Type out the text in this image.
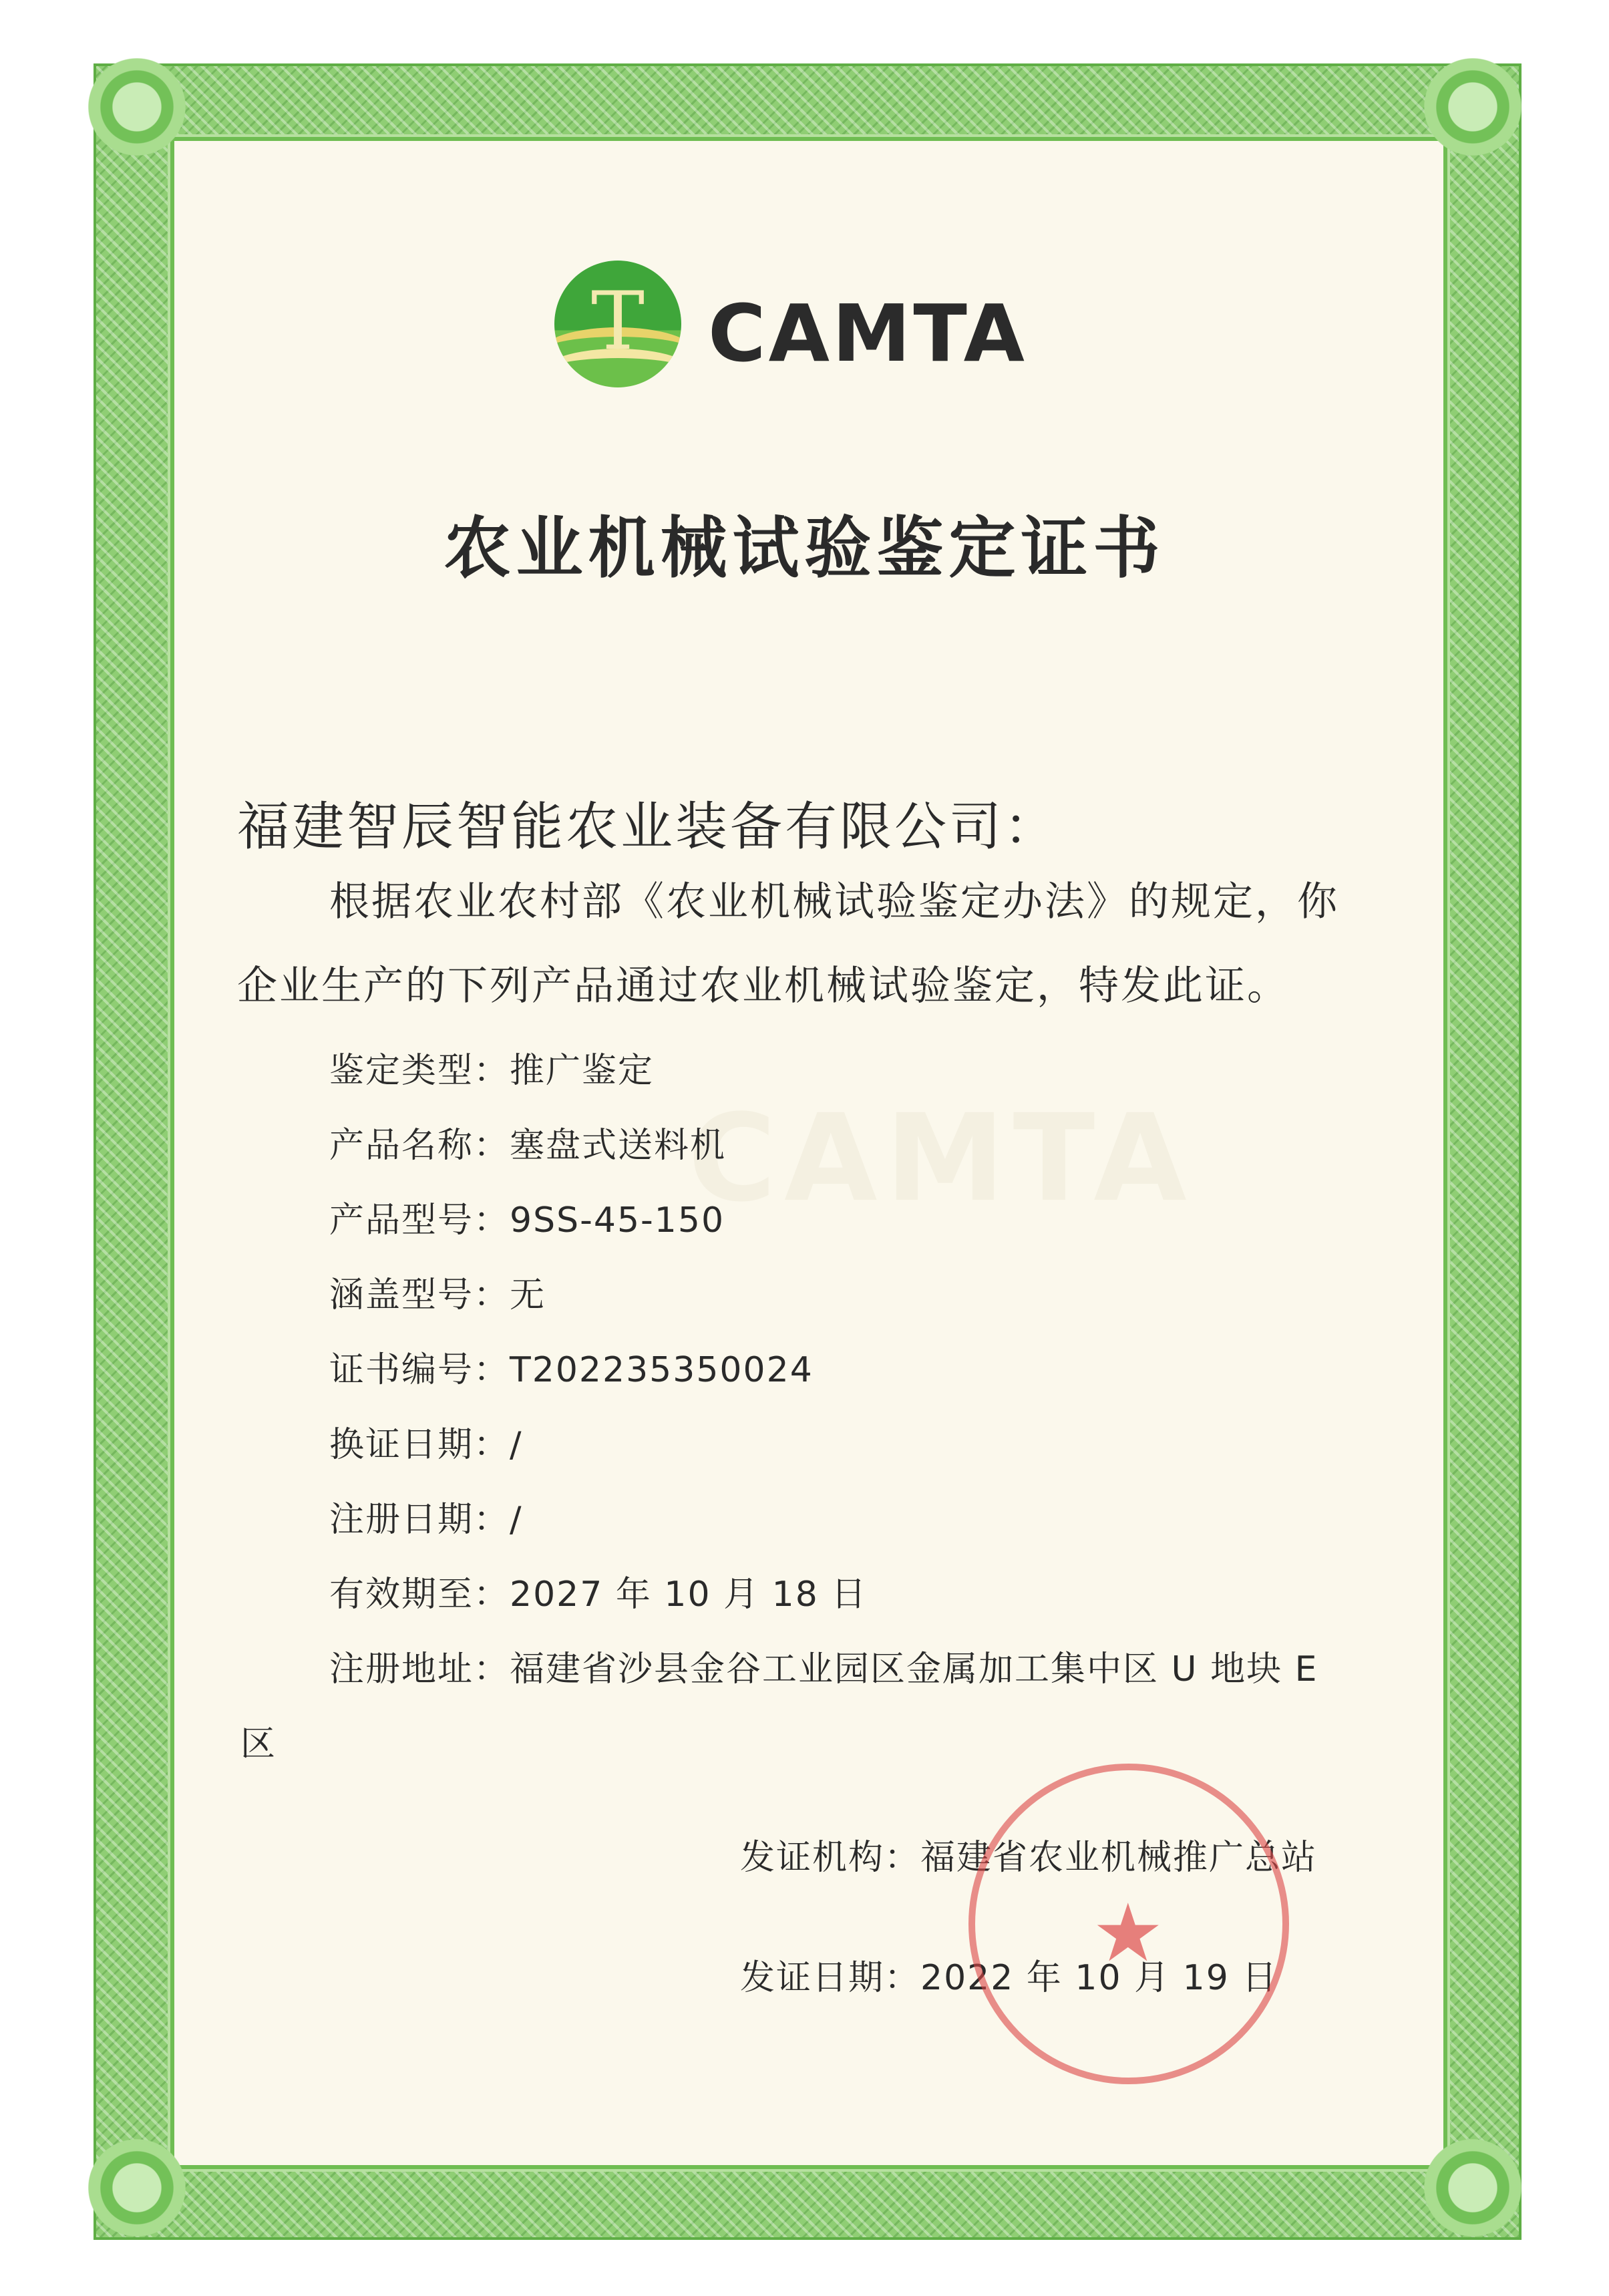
CAMTA
T CAMTA
农业机械试验鉴定证书
福建智辰智能农业装备有限公司：
根据农业农村部《农业机械试验鉴定办法》的规定，你
企业生产的下列产品通过农业机械试验鉴定，特发此证。
鉴定类型：推广鉴定
产品名称：塞盘式送料机
产品型号：9SS-45-150
涵盖型号：无
证书编号：T202235350024
换证日期：/
注册日期：/
有效期至：2027 年 10 月 18 日
注册地址：福建省沙县金谷工业园区金属加工集中区 U 地块 E
区
发证机构：福建省农业机械推广总站
发证日期：2022 年 10 月 19 日
★
